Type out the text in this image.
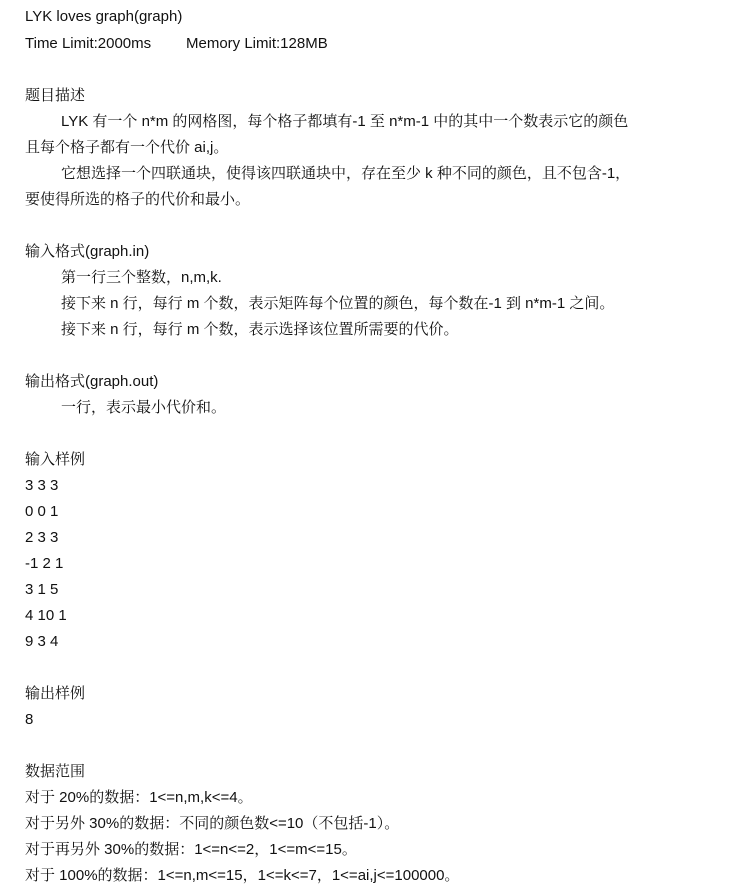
LYK loves graph(graph)
Time Limit:2000ms Memory Limit:128MB
题目描述
LYK 有一个 n*m 的网格图，每个格子都填有-1 至 n*m-1 中的其中一个数表示它的颜色
且每个格子都有一个代价 ai,j。
它想选择一个四联通块，使得该四联通块中，存在至少 k 种不同的颜色，且不包含-1，
要使得所选的格子的代价和最小。
输入格式(graph.in)
第一行三个整数，n,m,k.
接下来 n 行，每行 m 个数，表示矩阵每个位置的颜色，每个数在-1 到 n*m-1 之间。
接下来 n 行，每行 m 个数，表示选择该位置所需要的代价。
输出格式(graph.out)
一行，表示最小代价和。
输入样例
3 3 3
0 0 1
2 3 3
-1 2 1
3 1 5
4 10 1
9 3 4
输出样例
8
数据范围
对于 20%的数据：1<=n,m,k<=4。
对于另外 30%的数据：不同的颜色数<=10（不包括-1）。
对于再另外 30%的数据：1<=n<=2，1<=m<=15。
对于 100%的数据：1<=n,m<=15，1<=k<=7，1<=ai,j<=100000。
